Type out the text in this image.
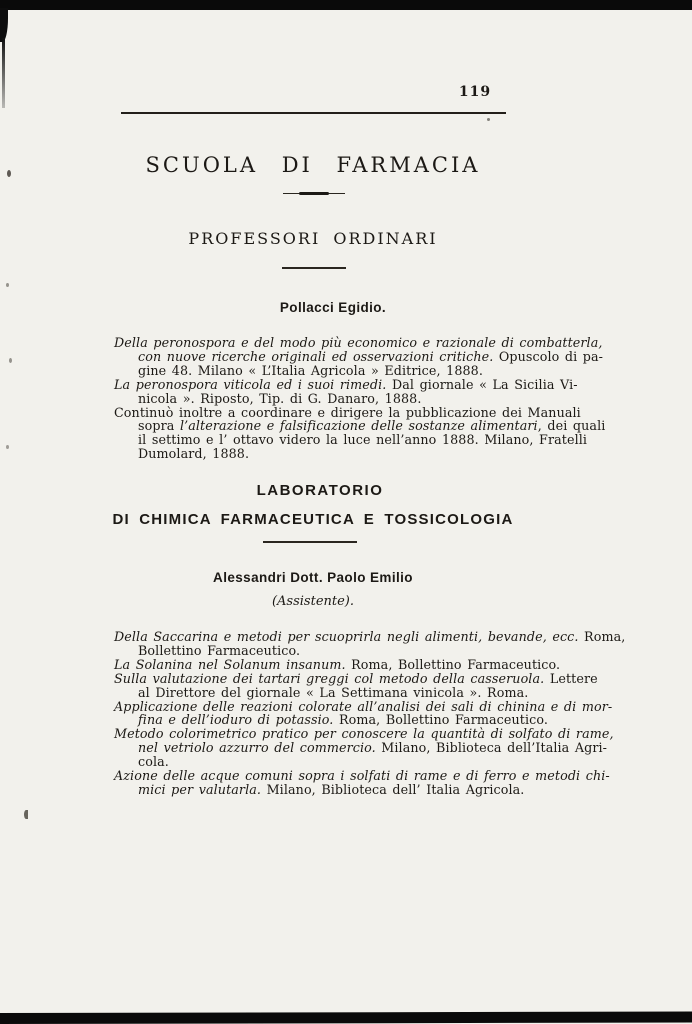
119
SCUOLA DI FARMACIA
PROFESSORI ORDINARI
Pollacci Egidio.
Della peronospora e del modo più economico e razionale di combatterla,
con nuove ricerche originali ed osservazioni critiche. Opuscolo di pa-
gine 48. Milano « L’Italia Agricola » Editrice, 1888.
La peronospora viticola ed i suoi rimedi. Dal giornale « La Sicilia Vi-
nicola ». Riposto, Tip. di G. Danaro, 1888.
Continuò inoltre a coordinare e dirigere la pubblicazione dei Manuali
sopra l’alterazione e falsificazione delle sostanze alimentari, dei quali
il settimo e l’ ottavo videro la luce nell’anno 1888. Milano, Fratelli
Dumolard, 1888.
LABORATORIO
DI CHIMICA FARMACEUTICA E TOSSICOLOGIA
Alessandri Dott. Paolo Emilio
(Assistente).
Della Saccarina e metodi per scuoprirla negli alimenti, bevande, ecc. Roma,
Bollettino Farmaceutico.
La Solanina nel Solanum insanum. Roma, Bollettino Farmaceutico.
Sulla valutazione dei tartari greggi col metodo della casseruola. Lettere
al Direttore del giornale « La Settimana vinicola ». Roma.
Applicazione delle reazioni colorate all’analisi dei sali di chinina e di mor-
fina e dell’ioduro di potassio. Roma, Bollettino Farmaceutico.
Metodo colorimetrico pratico per conoscere la quantità di solfato di rame,
nel vetriolo azzurro del commercio. Milano, Biblioteca dell’Italia Agri-
cola.
Azione delle acque comuni sopra i solfati di rame e di ferro e metodi chi-
mici per valutarla. Milano, Biblioteca dell’ Italia Agricola.
